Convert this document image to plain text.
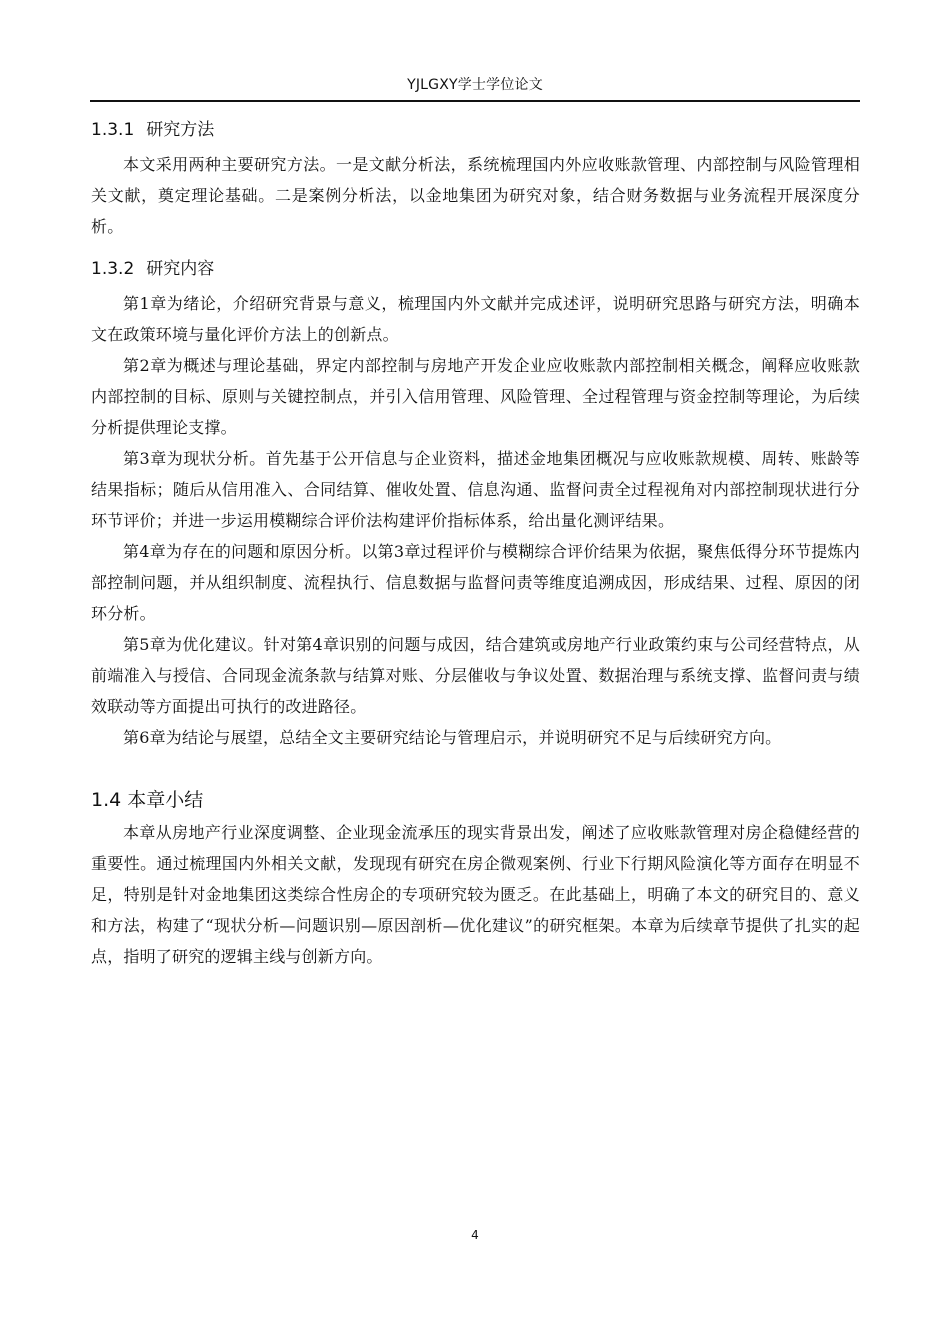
YJLGXY学士学位论文
1.3.1 研究方法

本文采用两种主要研究方法。一是文献分析法，系统梳理国内外应收账款管理、内部控制与风险管理相关文献，奠定理论基础。二是案例分析法，以金地集团为研究对象，结合财务数据与业务流程开展深度分析。

1.3.2 研究内容

第1章为绪论，介绍研究背景与意义，梳理国内外文献并完成述评，说明研究思路与研究方法，明确本文在政策环境与量化评价方法上的创新点。

第2章为概述与理论基础，界定内部控制与房地产开发企业应收账款内部控制相关概念，阐释应收账款内部控制的目标、原则与关键控制点，并引入信用管理、风险管理、全过程管理与资金控制等理论，为后续分析提供理论支撑。

第3章为现状分析。首先基于公开信息与企业资料，描述金地集团概况与应收账款规模、周转、账龄等结果指标；随后从信用准入、合同结算、催收处置、信息沟通、监督问责全过程视角对内部控制现状进行分环节评价；并进一步运用模糊综合评价法构建评价指标体系，给出量化测评结果。

第4章为存在的问题和原因分析。以第3章过程评价与模糊综合评价结果为依据，聚焦低得分环节提炼内部控制问题，并从组织制度、流程执行、信息数据与监督问责等维度追溯成因，形成结果、过程、原因的闭环分析。

第5章为优化建议。针对第4章识别的问题与成因，结合建筑或房地产行业政策约束与公司经营特点，从前端准入与授信、合同现金流条款与结算对账、分层催收与争议处置、数据治理与系统支撑、监督问责与绩效联动等方面提出可执行的改进路径。

第6章为结论与展望，总结全文主要研究结论与管理启示，并说明研究不足与后续研究方向。

1.4 本章小结

本章从房地产行业深度调整、企业现金流承压的现实背景出发，阐述了应收账款管理对房企稳健经营的重要性。通过梳理国内外相关文献，发现现有研究在房企微观案例、行业下行期风险演化等方面存在明显不足，特别是针对金地集团这类综合性房企的专项研究较为匮乏。在此基础上，明确了本文的研究目的、意义和方法，构建了“现状分析—问题识别—原因剖析—优化建议”的研究框架。本章为后续章节提供了扎实的起点，指明了研究的逻辑主线与创新方向。

4
